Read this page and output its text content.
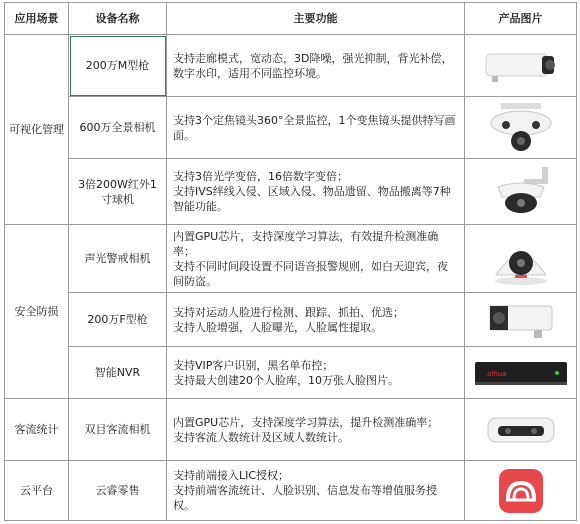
应用场景	设备名称	主要功能	产品图片
可视化管理	200万M型枪	支持走廊模式，宽动态，3D降噪，强光抑制，背光补偿，数字水印，适用不同监控环境。

	600万全景相机	支持3个定焦镜头360°全景监控，1个变焦镜头提供特写画面。

	3倍200W红外1寸球机	支持3倍光学变倍，16倍数字变倍；
支持IVS绊线入侵、区域入侵、物品遗留、物品搬离等7种智能功能。

安全防损	声光警戒相机	内置GPU芯片，支持深度学习算法，有效提升检测准确率；
支持不同时间段设置不同语音报警规则，如白天迎宾，夜间防盗。

	200万F型枪	支持对运动人脸进行检测、跟踪、抓拍、优选；
支持人脸增强，人脸曝光，人脸属性提取。

	智能NVR	支持VIP客户识别，黑名单布控；
支持最大创建20个人脸库，10万张人脸图片。	alhua

客流统计	双目客流相机	内置GPU芯片，支持深度学习算法，提升检测准确率；
支持客流人数统计及区域人数统计。

云平台	云睿零售	支持前端接入LIC授权；
支持前端客流统计、人脸识别、信息发布等增值服务授权。
